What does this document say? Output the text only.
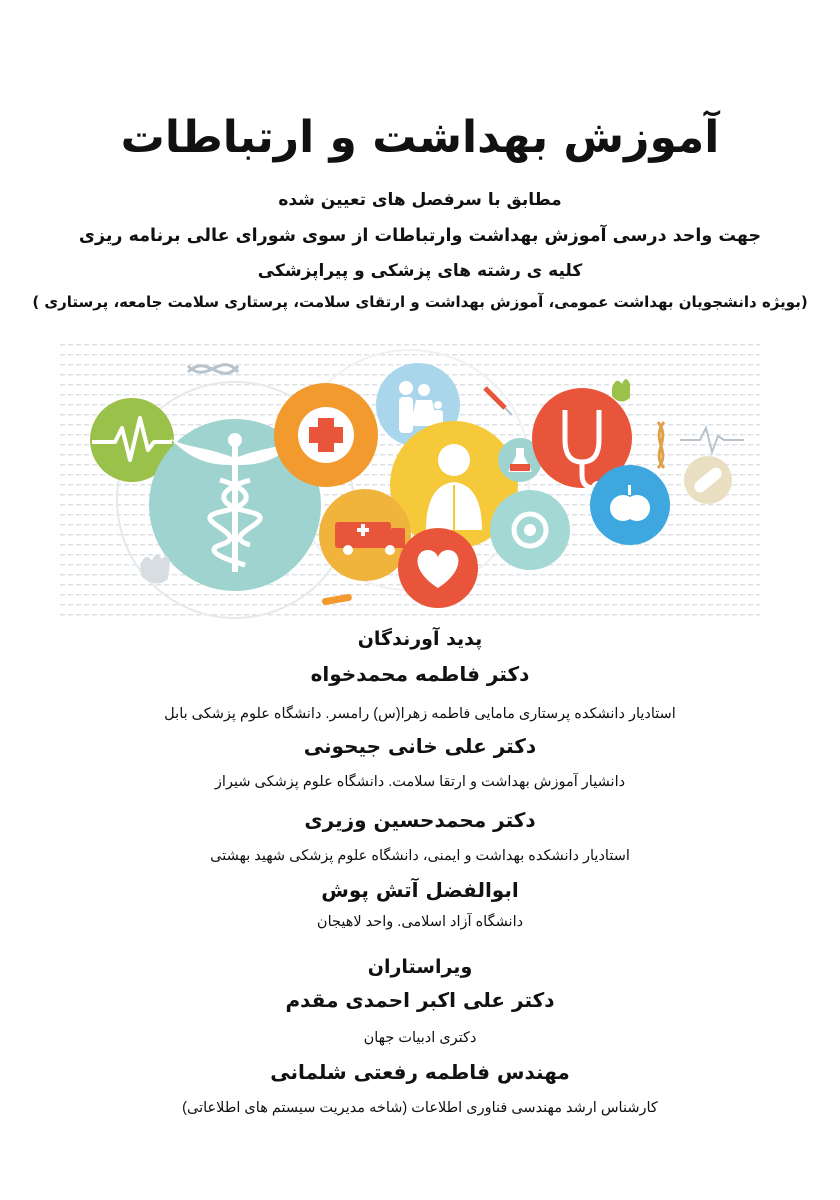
آموزش بهداشت و ارتباطات
مطابق با سرفصل های تعیین شده
جهت واحد درسی آموزش بهداشت وارتباطات از سوی شورای عالی برنامه ریزی
کلیه ی رشته های پزشکی و پیراپزشکی
(بویژه دانشجویان بهداشت عمومی، آموزش بهداشت و ارتقای سلامت، پرستاری سلامت جامعه، پرستاری )
پدید آورندگان
دکتر فاطمه محمدخواه
استادیار دانشکده پرستاری مامایی فاطمه زهرا(س) رامسر. دانشگاه علوم پزشکی بابل
دکتر علی خانی جیحونی
دانشیار آموزش بهداشت و ارتقا سلامت. دانشگاه علوم پزشکی شیراز
دکتر محمدحسین وزیری
استادیار دانشکده بهداشت و ایمنی، دانشگاه علوم پزشکی شهید بهشتی
ابوالفضل آتش پوش
دانشگاه آزاد اسلامی. واحد لاهیجان
ویراستاران
دکتر علی اکبر احمدی مقدم
دکتری ادبیات جهان
مهندس فاطمه رفعتی شلمانی
کارشناس ارشد مهندسی فناوری اطلاعات (شاخه مدیریت سیستم های اطلاعاتی)
